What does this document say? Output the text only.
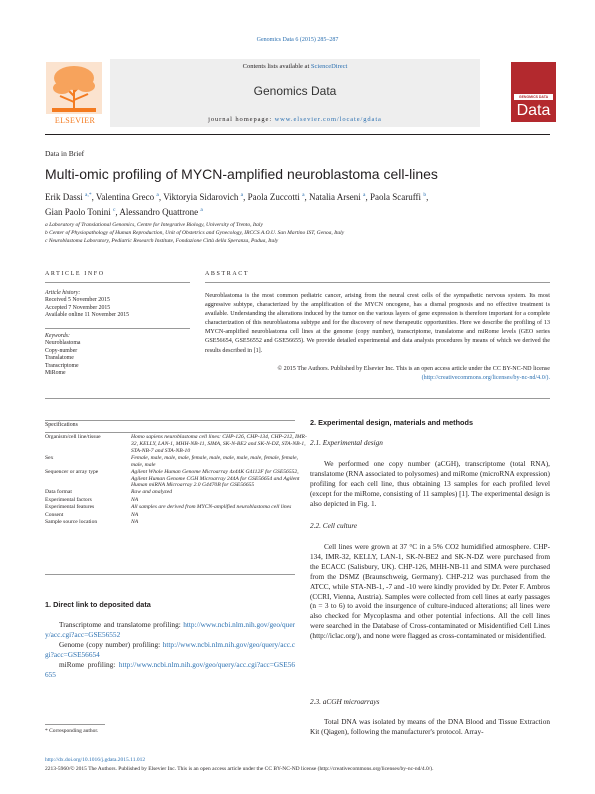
Genomics Data 6 (2015) 285–287
ELSEVIER
Contents lists available at ScienceDirect
Genomics Data
journal homepage: www.elsevier.com/locate/gdata
GENOMICS DATA
Data
Data in Brief
Multi-omic profiling of MYCN-amplified neuroblastoma cell-lines
Erik Dassi $^{a,*}$, Valentina Greco $^a$, Viktoryia Sidarovich $^a$, Paola Zuccotti $^a$, Natalia Arseni $^a$, Paola Scaruffi $^b$,
Gian Paolo Tonini $^c$, Alessandro Quattrone $^a$
a Laboratory of Translational Genomics, Centre for Integrative Biology, University of Trento, Italy
b Center of Physiopathology of Human Reproduction, Unit of Obstetrics and Gynecology, IRCCS A.O.U. San Martino IST, Genoa, Italy
c Neuroblastoma Laboratory, Pediatric Research Institute, Fondazione Città della Speranza, Padua, Italy
ARTICLE INFO
Article history:
Received 5 November 2015
Accepted 7 November 2015
Available online 11 November 2015
Keywords:
Neuroblastoma
Copy-number
Translatome
Transcriptome
MiRome
ABSTRACT
Neuroblastoma is the most common pediatric cancer, arising from the neural crest cells of the sympathetic nervous system. Its most aggressive subtype, characterized by the amplification of the MYCN oncogene, has a dismal prognosis and no effective treatment is available. Understanding the alterations induced by the tumor on the various layers of gene expression is therefore important for a complete characterization of this neuroblastoma subtype and for the discovery of new therapeutic opportunities. Here we describe the profiling of 13 MYCN-amplified neuroblastoma cell lines at the genome (copy number), transcriptome, translatome and miRome levels (GEO series GSE56654, GSE56552 and GSE56655). We provide detailed experimental and data analysis procedures by means of which we derived the results described in [1].
© 2015 The Authors. Published by Elsevier Inc. This is an open access article under the CC BY-NC-ND license
(http://creativecommons.org/licenses/by-nc-nd/4.0/).
Specifications
Organism/cell line/tissue	Homo sapiens neuroblastoma cell lines: CHP-126, CHP-134, CHP-212, IMR-32, KELLY, LAN-1, MHH-NB-11, SIMA, SK-N-BE2 and SK-N-DZ, STA-NB-1, STA-NB-7 and STA-NB-10
Sex	Female, male, male, male, female, male, male, male, male, female, female, male, male
Sequencer or array type	Agilent Whole Human Genome Microarray 4x44K G4112F for GSE56552, Agilent Human Genome CGH Microarray 244A for GSE56654 and Agilent Human miRNA Microarray 2.0 G4470B for GSE56655
Data format	Raw and analyzed
Experimental factors	NA
Experimental features	All samples are derived from MYCN-amplified neuroblastoma cell lines
Consent	NA
Sample source location	NA
1. Direct link to deposited data
Transcriptome and translatome profiling: http://www.ncbi.nlm.nih.gov/geo/query/acc.cgi?acc=GSE56552
Genome (copy number) profiling: http://www.ncbi.nlm.nih.gov/geo/query/acc.cgi?acc=GSE56654
miRome profiling: http://www.ncbi.nlm.nih.gov/geo/query/acc.cgi?acc=GSE56655
* Corresponding author.
2. Experimental design, materials and methods
2.1. Experimental design
We performed one copy number (aCGH), transcriptome (total RNA), translatome (RNA associated to polysomes) and miRome (microRNA expression) profiling for each cell line, thus obtaining 13 samples for each profiled level (except for the miRome, consisting of 11 samples) [1]. The experimental design is also depicted in Fig. 1.
2.2. Cell culture
Cell lines were grown at 37 °C in a 5% CO2 humidified atmosphere. CHP-134, IMR-32, KELLY, LAN-1, SK-N-BE2 and SK-N-DZ were purchased from the ECACC (Salisbury, UK). CHP-126, MHH-NB-11 and SIMA were purchased from the DSMZ (Braunschweig, Germany). CHP-212 was purchased from the ATCC, while STA-NB-1, -7 and -10 were kindly provided by Dr. Peter F. Ambros (CCRI, Vienna, Austria). Samples were collected from cell lines at early passages (n = 3 to 6) to avoid the insurgence of culture-induced alterations; all lines were also checked for Mycoplasma and other potential infections. All the cell lines were searched in the Database of Cross-contaminated or Misidentified Cell Lines (http://iclac.org/), and none were flagged as cross-contaminated or misidentified.
2.3. aCGH microarrays
Total DNA was isolated by means of the DNA Blood and Tissue Extraction Kit (Qiagen), following the manufacturer's protocol. Array-
http://dx.doi.org/10.1016/j.gdata.2015.11.012
2213-5960/© 2015 The Authors. Published by Elsevier Inc. This is an open access article under the CC BY-NC-ND license (http://creativecommons.org/licenses/by-nc-nd/4.0/).
